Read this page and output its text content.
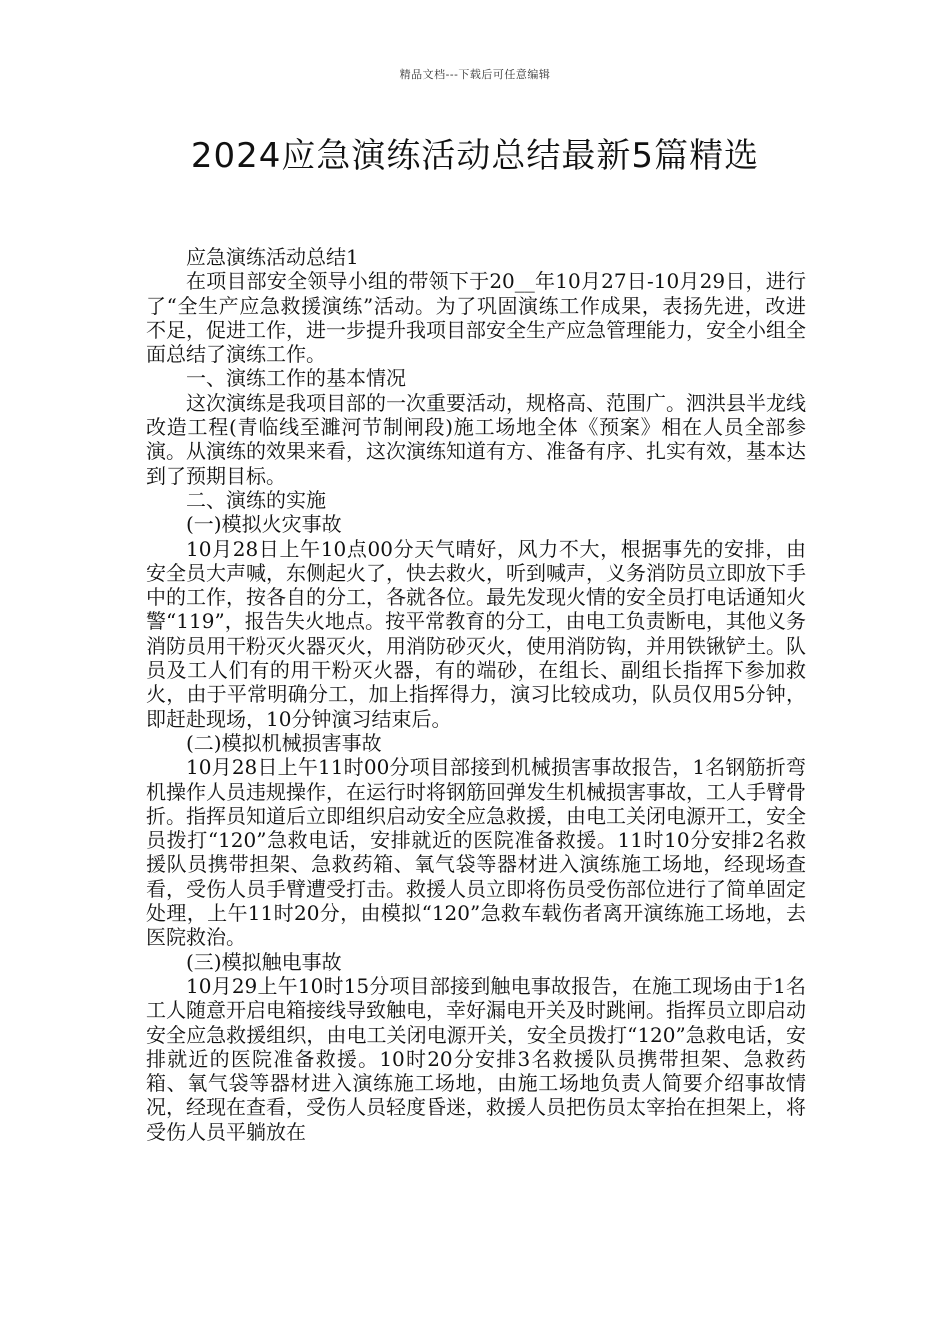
精品文档---下载后可任意编辑
2024应急演练活动总结最新5篇精选

应急演练活动总结1

在项目部安全领导小组的带领下于20__年10月27日-10月29日，进行了“全生产应急救援演练”活动。为了巩固演练工作成果，表扬先进，改进不足，促进工作，进一步提升我项目部安全生产应急管理能力，安全小组全面总结了演练工作。

一、演练工作的基本情况

这次演练是我项目部的一次重要活动，规格高、范围广。泗洪县半龙线改造工程(青临线至濉河节制闸段)施工场地全体《预案》相在人员全部参演。从演练的效果来看，这次演练知道有方、准备有序、扎实有效，基本达到了预期目标。

二、演练的实施

(一)模拟火灾事故

10月28日上午10点00分天气晴好，风力不大，根据事先的安排，由安全员大声喊，东侧起火了，快去救火，听到喊声，义务消防员立即放下手中的工作，按各自的分工，各就各位。最先发现火情的安全员打电话通知火警“119”，报告失火地点。按平常教育的分工，由电工负责断电，其他义务消防员用干粉灭火器灭火，用消防砂灭火，使用消防钩，并用铁锹铲土。队员及工人们有的用干粉灭火器，有的端砂，在组长、副组长指挥下参加救火，由于平常明确分工，加上指挥得力，演习比较成功，队员仅用5分钟，即赶赴现场，10分钟演习结束后。

(二)模拟机械损害事故

10月28日上午11时00分项目部接到机械损害事故报告，1名钢筋折弯机操作人员违规操作，在运行时将钢筋回弹发生机械损害事故，工人手臂骨折。指挥员知道后立即组织启动安全应急救援，由电工关闭电源开工，安全员拨打“120”急救电话，安排就近的医院准备救援。11时10分安排2名救援队员携带担架、急救药箱、氧气袋等器材进入演练施工场地，经现场查看，受伤人员手臂遭受打击。救援人员立即将伤员受伤部位进行了简单固定处理，上午11时20分，由模拟“120”急救车载伤者离开演练施工场地，去医院救治。

(三)模拟触电事故

10月29上午10时15分项目部接到触电事故报告，在施工现场由于1名工人随意开启电箱接线导致触电，幸好漏电开关及时跳闸。指挥员立即启动安全应急救援组织，由电工关闭电源开关，安全员拨打“120”急救电话，安排就近的医院准备救援。10时20分安排3名救援队员携带担架、急救药箱、氧气袋等器材进入演练施工场地，由施工场地负责人简要介绍事故情况，经现在查看，受伤人员轻度昏迷，救援人员把伤员太宰抬在担架上，将受伤人员平躺放在
